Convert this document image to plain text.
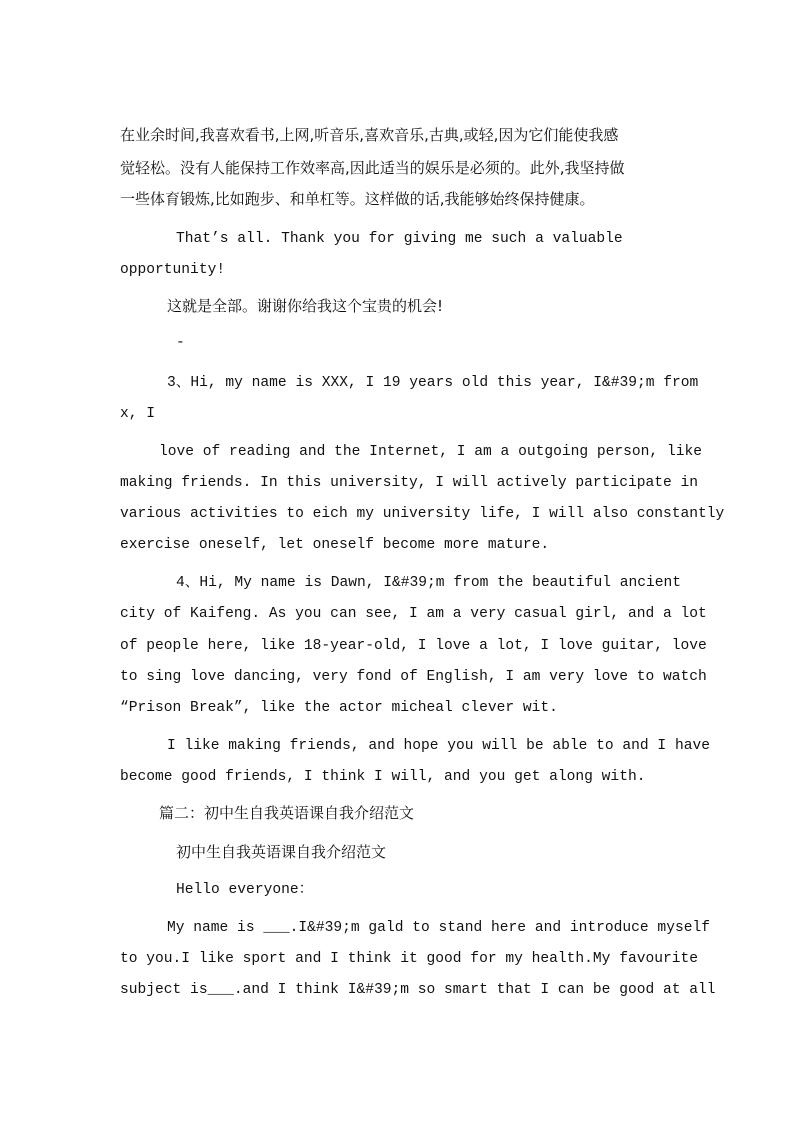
在业余时间,我喜欢看书,上网,听音乐,喜欢音乐,古典,或轻,因为它们能使我感

觉轻松。没有人能保持工作效率高,因此适当的娱乐是必须的。此外,我坚持做

一些体育锻炼,比如跑步、和单杠等。这样做的话,我能够始终保持健康。

That’s all. Thank you for giving me such a valuable

opportunity!

这就是全部。谢谢你给我这个宝贵的机会!

-

3、Hi, my name is XXX, I 19 years old this year, I&#39;m from

x, I

love of reading and the Internet, I am a outgoing person, like

making friends. In this university, I will actively participate in

various activities to eich my university life, I will also constantly

exercise oneself, let oneself become more mature.

4、Hi, My name is Dawn, I&#39;m from the beautiful ancient

city of Kaifeng. As you can see, I am a very casual girl, and a lot

of people here, like 18-year-old, I love a lot, I love guitar, love

to sing love dancing, very fond of English, I am very love to watch

“Prison Break”, like the actor micheal clever wit.

I like making friends, and hope you will be able to and I have

become good friends, I think I will, and you get along with.

篇二：初中生自我英语课自我介绍范文

初中生自我英语课自我介绍范文

Hello everyone：

My name is ___.I&#39;m gald to stand here and introduce myself

to you.I like sport and I think it good for my health.My favourite

subject is___.and I think I&#39;m so smart that I can be good at all
